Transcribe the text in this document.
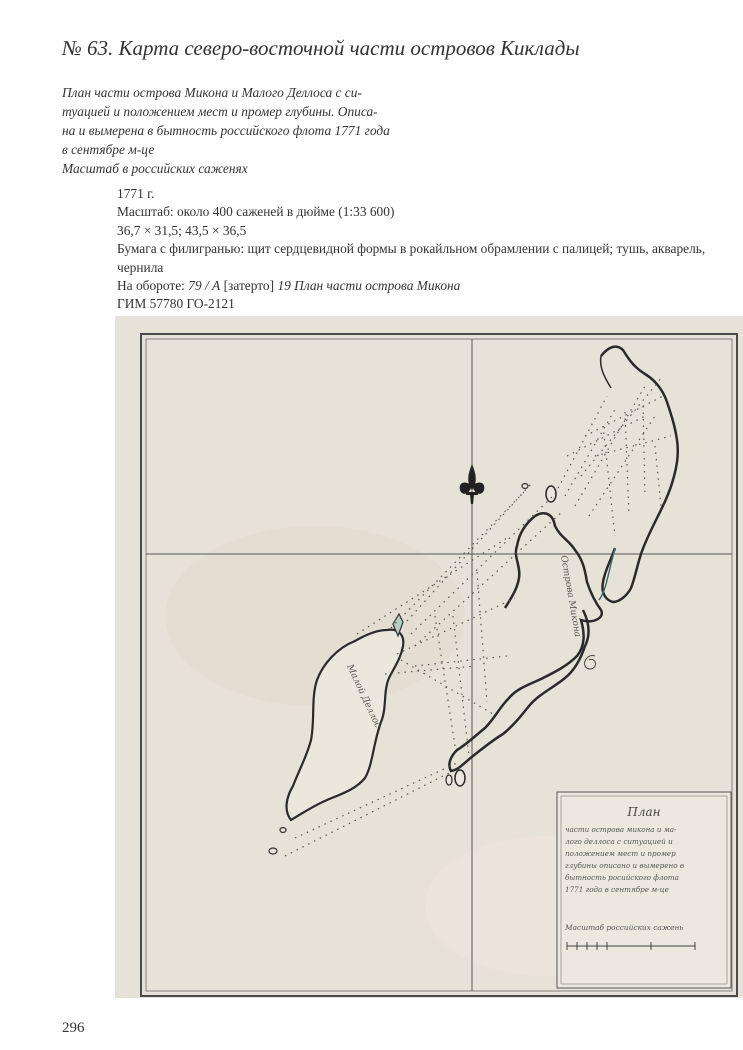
№ 63. Карта северо-восточной части островов Киклады
План части острова Микона и Малого Деллоса с си-
туацией и положением мест и промер глубины. Описа-
на и вымерена в бытность российского флота 1771 года
в сентябре м-це
Масштаб в российских саженях
1771 г.
Масштаб: около 400 саженей в дюйме (1:33 600)
36,7 × 31,5; 43,5 × 36,5
Бумага с филигранью: щит сердцевидной формы в рокайльном обрамлении с палицей; тушь, акварель, чернила
На обороте: 79 / А [затерто] 19 План части острова Микона
ГИМ 57780 ГО-2121
Малой Деллос
Острова Микона
План
части острова микона и ма-
лого деллоса с ситуацией и
положением мест и промер
глубины описано и вымерено в
бытность росийского флота
1771 года в сентябре м-це
Масштаб российских сажень
296
